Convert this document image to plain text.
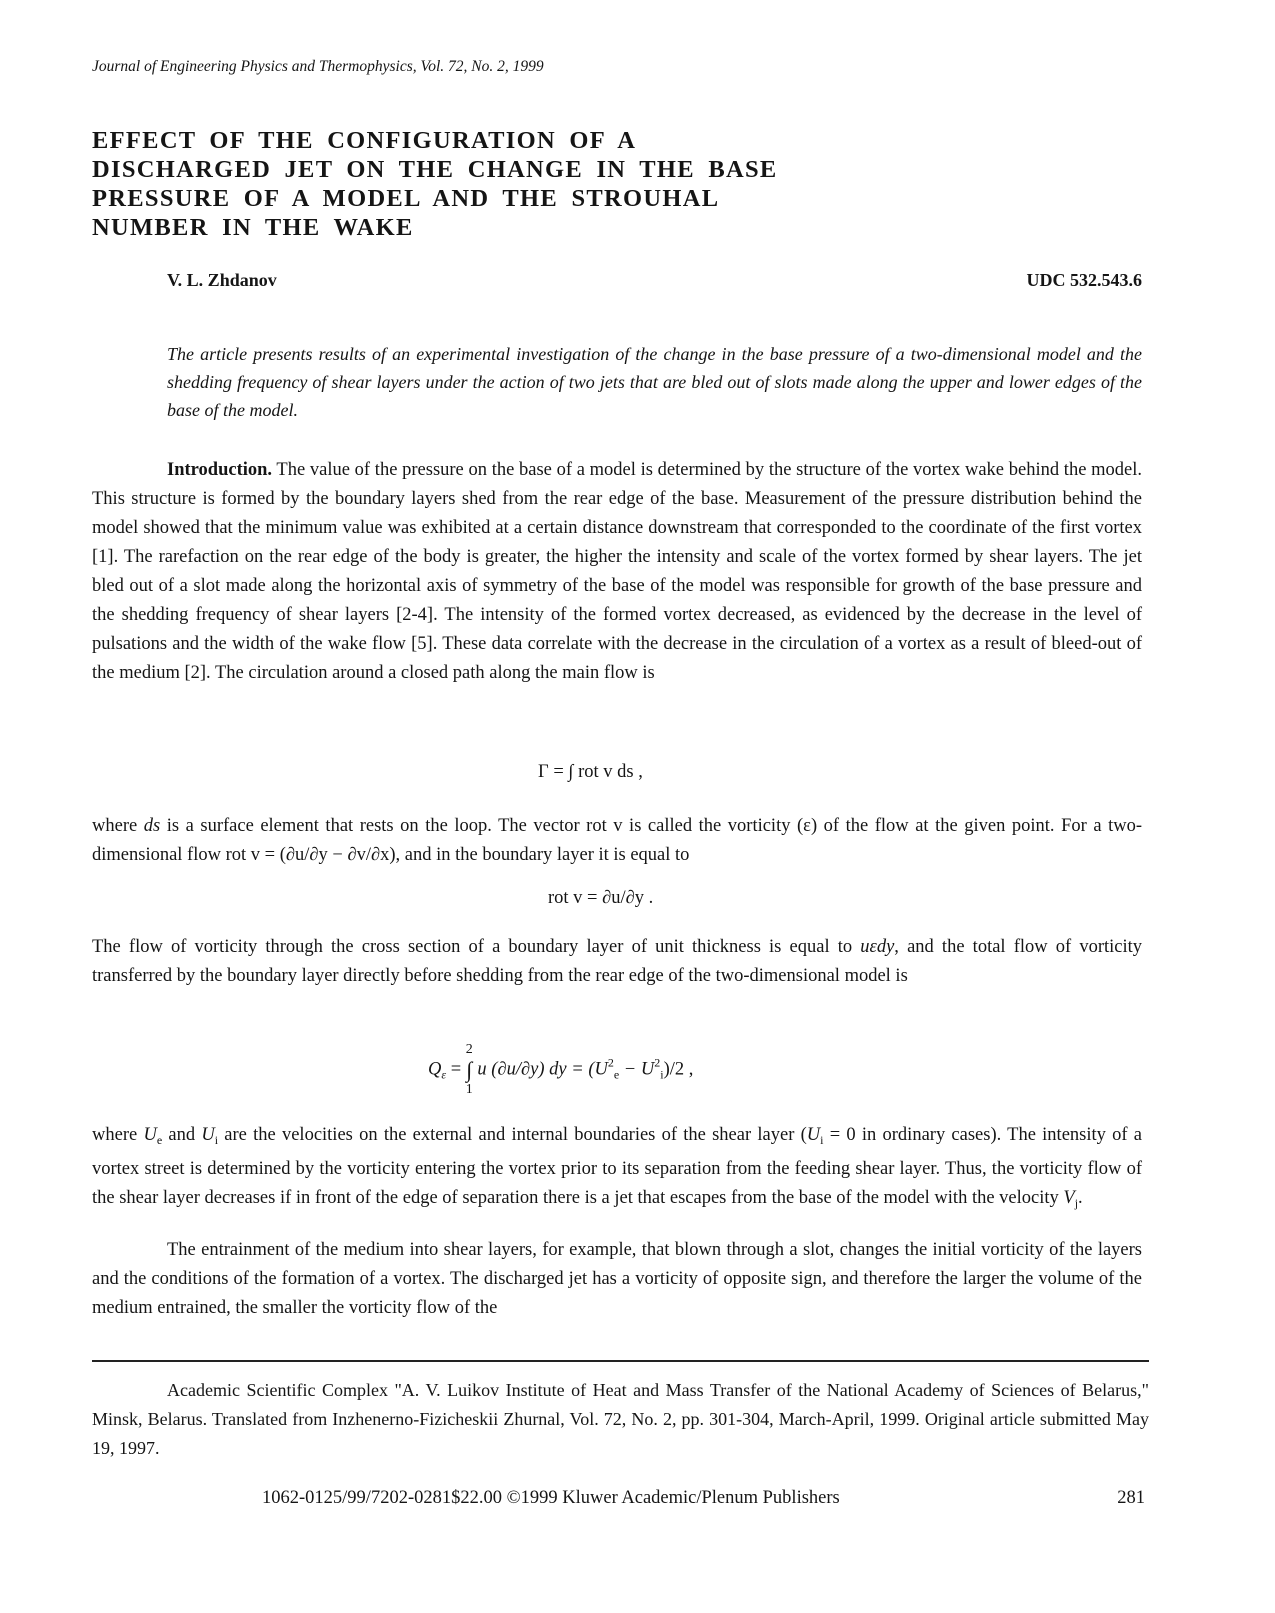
Journal of Engineering Physics and Thermophysics, Vol. 72, No. 2, 1999
EFFECT OF THE CONFIGURATION OF A
DISCHARGED JET ON THE CHANGE IN THE BASE
PRESSURE OF A MODEL AND THE STROUHAL
NUMBER IN THE WAKE
V. L. Zhdanov	UDC 532.543.6
The article presents results of an experimental investigation of the change in the base pressure of a two-dimensional model and the shedding frequency of shear layers under the action of two jets that are bled out of slots made along the upper and lower edges of the base of the model.
Introduction. The value of the pressure on the base of a model is determined by the structure of the vortex wake behind the model. This structure is formed by the boundary layers shed from the rear edge of the base. Measurement of the pressure distribution behind the model showed that the minimum value was exhibited at a certain distance downstream that corresponded to the coordinate of the first vortex [1]. The rarefaction on the rear edge of the body is greater, the higher the intensity and scale of the vortex formed by shear layers. The jet bled out of a slot made along the horizontal axis of symmetry of the base of the model was responsible for growth of the base pressure and the shedding frequency of shear layers [2-4]. The intensity of the formed vortex decreased, as evidenced by the decrease in the level of pulsations and the width of the wake flow [5]. These data correlate with the decrease in the circulation of a vortex as a result of bleed-out of the medium [2]. The circulation around a closed path along the main flow is
Γ = ∫ rot v ds ,
where ds is a surface element that rests on the loop. The vector rot v is called the vorticity (ε) of the flow at the given point. For a two-dimensional flow rot v = (∂u/∂y − ∂v/∂x), and in the boundary layer it is equal to
rot v = ∂u/∂y .
The flow of vorticity through the cross section of a boundary layer of unit thickness is equal to uεdy, and the total flow of vorticity transferred by the boundary layer directly before shedding from the rear edge of the two-dimensional model is
$Q_\varepsilon$ =
2
∫
1
u (∂u/∂y) dy = $(U^2_e - U^2_i)/2$ ,
where $U_e$ and $U_i$ are the velocities on the external and internal boundaries of the shear layer ($U_i = 0$ in ordinary cases). The intensity of a vortex street is determined by the vorticity entering the vortex prior to its separation from the feeding shear layer. Thus, the vorticity flow of the shear layer decreases if in front of the edge of separation there is a jet that escapes from the base of the model with the velocity $V_j$.
The entrainment of the medium into shear layers, for example, that blown through a slot, changes the initial vorticity of the layers and the conditions of the formation of a vortex. The discharged jet has a vorticity of opposite sign, and therefore the larger the volume of the medium entrained, the smaller the vorticity flow of the
Academic Scientific Complex "A. V. Luikov Institute of Heat and Mass Transfer of the National Academy of Sciences of Belarus," Minsk, Belarus. Translated from Inzhenerno-Fizicheskii Zhurnal, Vol. 72, No. 2, pp. 301-304, March-April, 1999. Original article submitted May 19, 1997.
1062-0125/99/7202-0281$22.00 ©1999 Kluwer Academic/Plenum Publishers	281
